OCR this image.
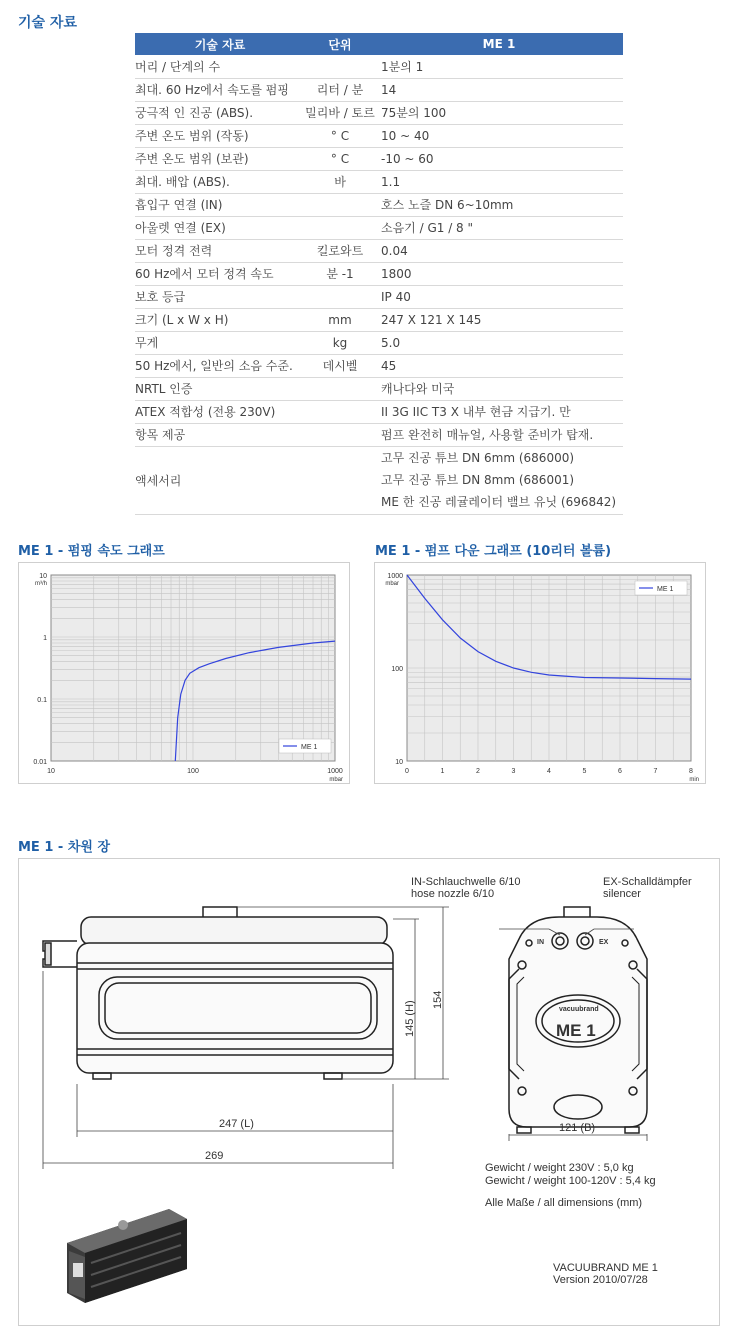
기술 자료
ME 1 - 펌핑 속도 그래프	ME 1 - 펌프 다운 그래프 (10리터 볼륨)
ME 1 - 차원 장
기술 자료	단위	ME 1
머리 / 단계의 수		1분의 1
최대. 60 Hz에서 속도를 펌핑	리터 / 분	14
궁극적 인 진공 (ABS).	밀리바 / 토르	75분의 100
주변 온도 범위 (작동)	° C	10 ~ 40
주변 온도 범위 (보관)	° C	-10 ~ 60
최대. 배압 (ABS).	바	1.1
흡입구 연결 (IN)		호스 노즐 DN 6~10mm
아울렛 연결 (EX)		소음기 / G1 / 8 "
모터 정격 전력	킬로와트	0.04
60 Hz에서 모터 정격 속도	분 -1	1800
보호 등급		IP 40
크기 (L x W x H)	mm	247 X 121 X 145
무게	kg	5.0
50 Hz에서, 일반의 소음 수준.	데시벨	45
NRTL 인증		캐나다와 미국
ATEX 적합성 (전용 230V)		II 3G IIC T3 X 내부 현금 지급기. 만
항목 제공		펌프 완전히 매뉴얼, 사용할 준비가 탑재.
액세서리		고무 진공 튜브 DN 6mm (686000)
고무 진공 튜브 DN 8mm (686001)
ME 한 진공 레귤레이터 밸브 유닛 (696842)
10	100	1000
10
1
0.1
0.01
m³/h
mbar
ME 1
0	1	2	3	4	5	6	7	8
1000
100
10
mbar
min
ME 1
247 (L)
269
145 (H)
154
IN	EX
vacuubrand
ME 1
IN-Schlauchwelle 6/10
hose nozzle 6/10
EX-Schalldämpfer
silencer
121 (B)
Gewicht / weight 230V : 5,0 kg
Gewicht / weight 100-120V : 5,4 kg
Alle Maße / all dimensions (mm)
VACUUBRAND ME 1
Version 2010/07/28
